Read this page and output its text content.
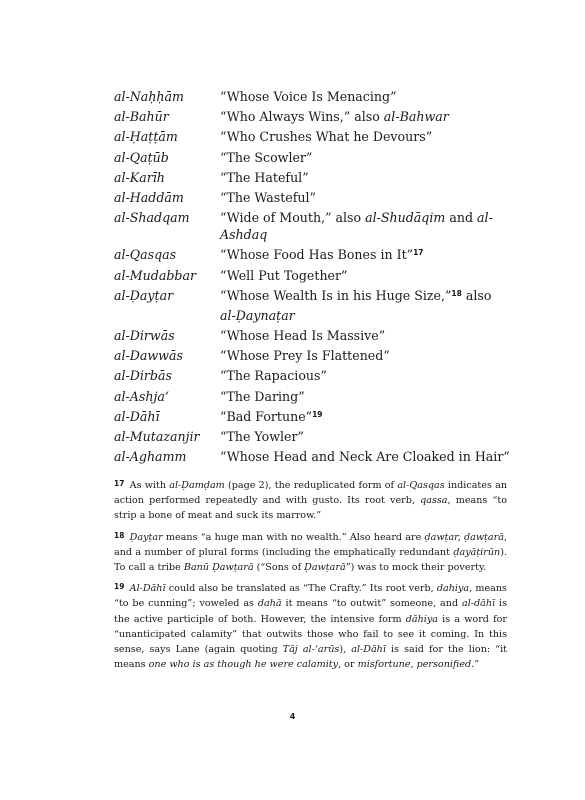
al-Naḥḥām	“Whose Voice Is Menacing”
al-Bahūr	“Who Always Wins,” also al-Bahwar
al-Ḥaṭṭām	“Who Crushes What he Devours”
al-Qaṭūb	“The Scowler”
al-Karīh	“The Hateful”
al-Haddām	“The Wasteful”
al-Shadqam	“Wide of Mouth,” also al-Shudāqim and al-Ashdaq
al-Qasqas	“Whose Food Has Bones in It”$^{17}$
al-Mudabbar	“Well Put Together”
al-Ḍayṭar	“Whose Wealth Is in his Huge Size,”$^{18}$ also
al-Ḍaynaṭar
al-Dirwās	“Whose Head Is Massive”
al-Dawwās	“Whose Prey Is Flattened”
al-Dirbās	“The Rapacious”
al-Ashja‘	“The Daring”
al-Dāhī	“Bad Fortune”$^{19}$
al-Mutazanjir	“The Yowler”
al-Aghamm	“Whose Head and Neck Are Cloaked in Hair”

$^{17}$ As with al-Ḍamḍam (page 2), the reduplicated form of al-Qasqas indicates an action performed repeatedly and with gusto. Its root verb, qassa, means “to strip a bone of meat and suck its marrow.”

$^{18}$ Ḍayṭar means “a huge man with no wealth.” Also heard are ḍawṭar, ḍawṭarā, and a number of plural forms (including the emphatically redundant ḍayāṭirūn). To call a tribe Banū Ḍawṭarā (“Sons of Ḍawṭarā”) was to mock their poverty.

$^{19}$ Al-Dāhī could also be translated as “The Crafty.” Its root verb, dahiya, means “to be cunning”; voweled as dahā it means “to outwit” someone, and al-dāhī is the active participle of both. However, the intensive form dāhiya is a word for “unanticipated calamity” that outwits those who fail to see it coming. In this sense, says Lane (again quoting Tāj al-‘arūs), al-Dāhī is said for the lion: “it means one who is as though he were calamity, or misfortune, personified.”

4
